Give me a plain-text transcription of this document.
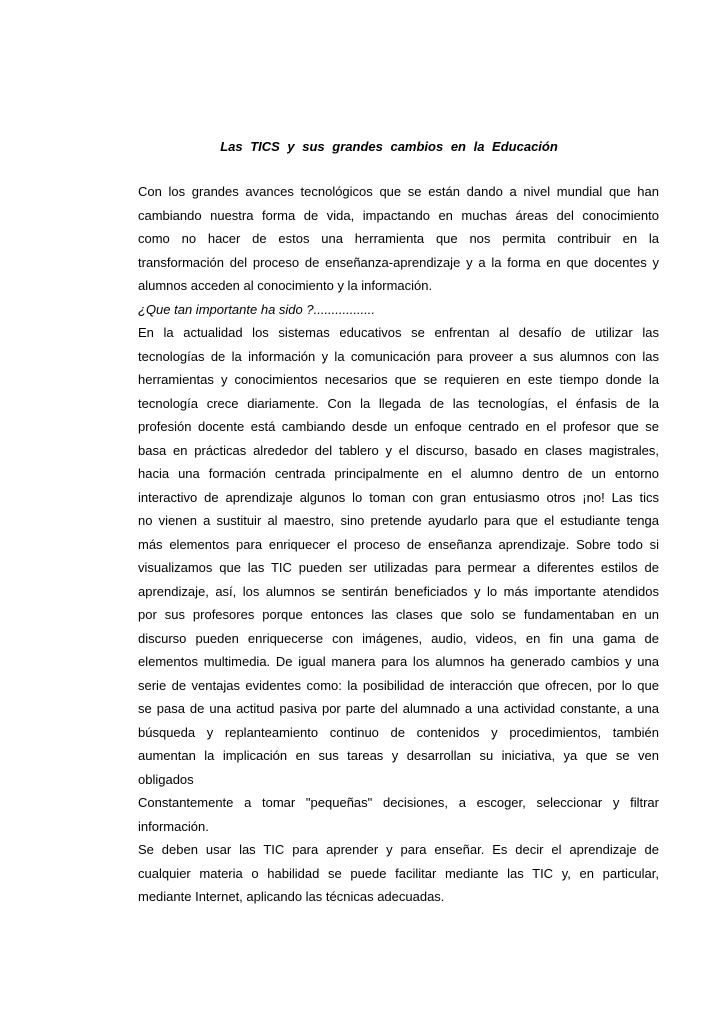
Las TICS y sus grandes cambios en la Educación
Con los grandes avances tecnológicos que se están dando a nivel mundial que han
cambiando nuestra forma de vida, impactando en muchas áreas del conocimiento
como no hacer de estos una herramienta que nos permita contribuir en la
transformación del proceso de enseñanza-aprendizaje y a la forma en que docentes y
alumnos acceden al conocimiento y la información.
¿Que tan importante ha sido ?.................
En la actualidad los sistemas educativos se enfrentan al desafío de utilizar las
tecnologías de la información y la comunicación para proveer a sus alumnos con las
herramientas y conocimientos necesarios que se requieren en este tiempo donde la
tecnología crece diariamente. Con la llegada de las tecnologías, el énfasis de la
profesión docente está cambiando desde un enfoque centrado en el profesor que se
basa en prácticas alrededor del tablero y el discurso, basado en clases magistrales,
hacia una formación centrada principalmente en el alumno dentro de un entorno
interactivo de aprendizaje algunos lo toman con gran entusiasmo otros ¡no! Las tics
no vienen a sustituir al maestro, sino pretende ayudarlo para que el estudiante tenga
más elementos para enriquecer el proceso de enseñanza aprendizaje. Sobre todo si
visualizamos que las TIC pueden ser utilizadas para permear a diferentes estilos de
aprendizaje, así, los alumnos se sentirán beneficiados y lo más importante atendidos
por sus profesores porque entonces las clases que solo se fundamentaban en un
discurso pueden enriquecerse con imágenes, audio, videos, en fin una gama de
elementos multimedia. De igual manera para los alumnos ha generado cambios y una
serie de ventajas evidentes como: la posibilidad de interacción que ofrecen, por lo que
se pasa de una actitud pasiva por parte del alumnado a una actividad constante, a una
búsqueda y replanteamiento continuo de contenidos y procedimientos, también
aumentan la implicación en sus tareas y desarrollan su iniciativa, ya que se ven
obligados
Constantemente a tomar "pequeñas" decisiones, a escoger, seleccionar y filtrar
información.
Se deben usar las TIC para aprender y para enseñar. Es decir el aprendizaje de
cualquier materia o habilidad se puede facilitar mediante las TIC y, en particular,
mediante Internet, aplicando las técnicas adecuadas.
